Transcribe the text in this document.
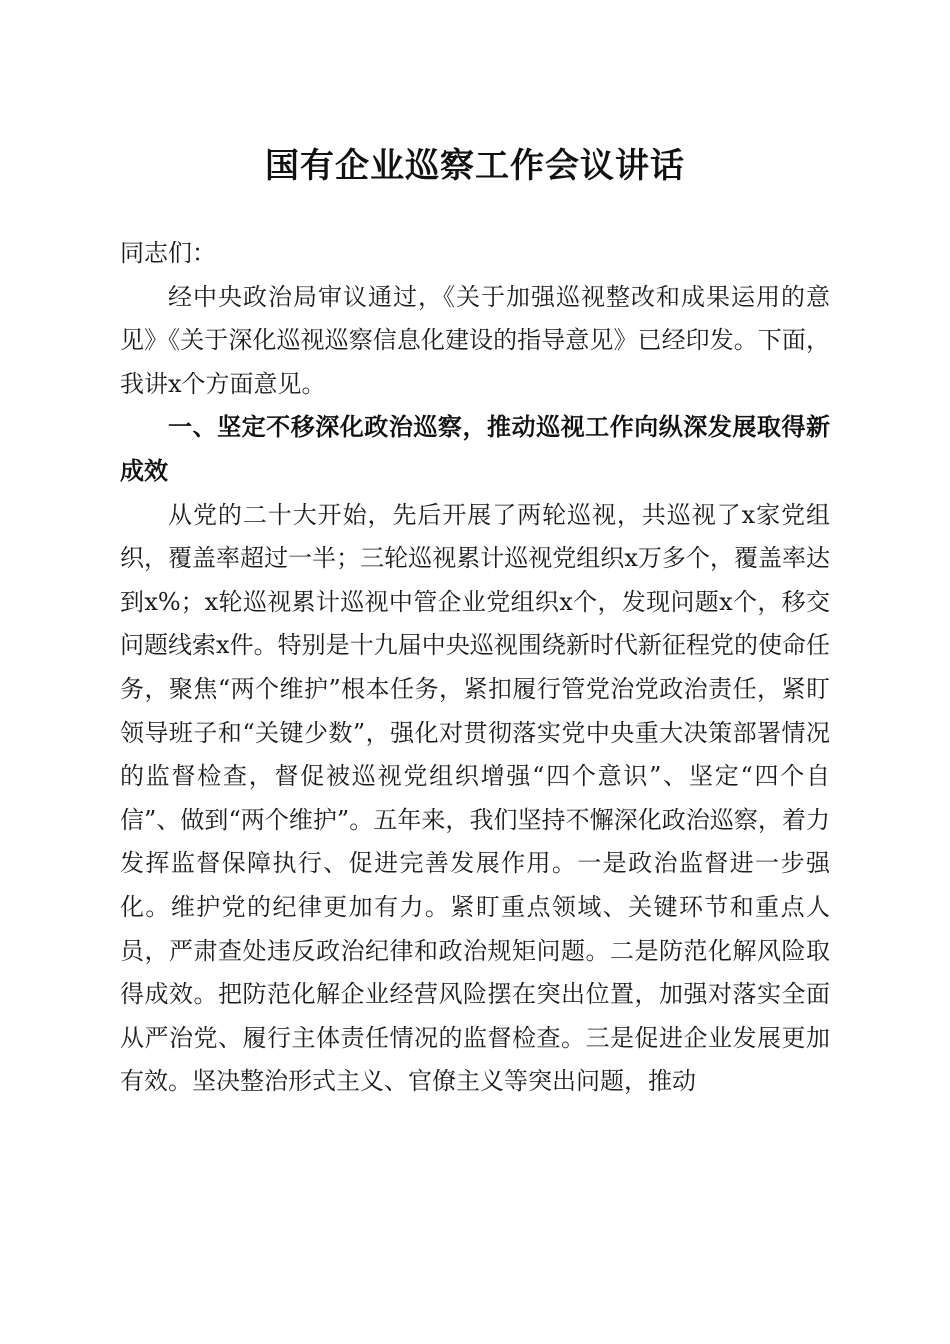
国有企业巡察工作会议讲话

同志们：

经中央政治局审议通过，《关于加强巡视整改和成果运用的意见》《关于深化巡视巡察信息化建设的指导意见》已经印发。下面，我讲x个方面意见。

一、坚定不移深化政治巡察，推动巡视工作向纵深发展取得新成效

从党的二十大开始，先后开展了两轮巡视，共巡视了x家党组织，覆盖率超过一半；三轮巡视累计巡视党组织x万多个，覆盖率达到x%；x轮巡视累计巡视中管企业党组织x个，发现问题x个，移交问题线索x件。特别是十九届中央巡视围绕新时代新征程党的使命任务，聚焦“两个维护”根本任务，紧扣履行管党治党政治责任，紧盯领导班子和“关键少数”，强化对贯彻落实党中央重大决策部署情况的监督检查，督促被巡视党组织增强“四个意识”、坚定“四个自信”、做到“两个维护”。五年来，我们坚持不懈深化政治巡察，着力发挥监督保障执行、促进完善发展作用。一是政治监督进一步强化。维护党的纪律更加有力。紧盯重点领域、关键环节和重点人员，严肃查处违反政治纪律和政治规矩问题。二是防范化解风险取得成效。把防范化解企业经营风险摆在突出位置，加强对落实全面从严治党、履行主体责任情况的监督检查。三是促进企业发展更加有效。坚决整治形式主义、官僚主义等突出问题，推动
